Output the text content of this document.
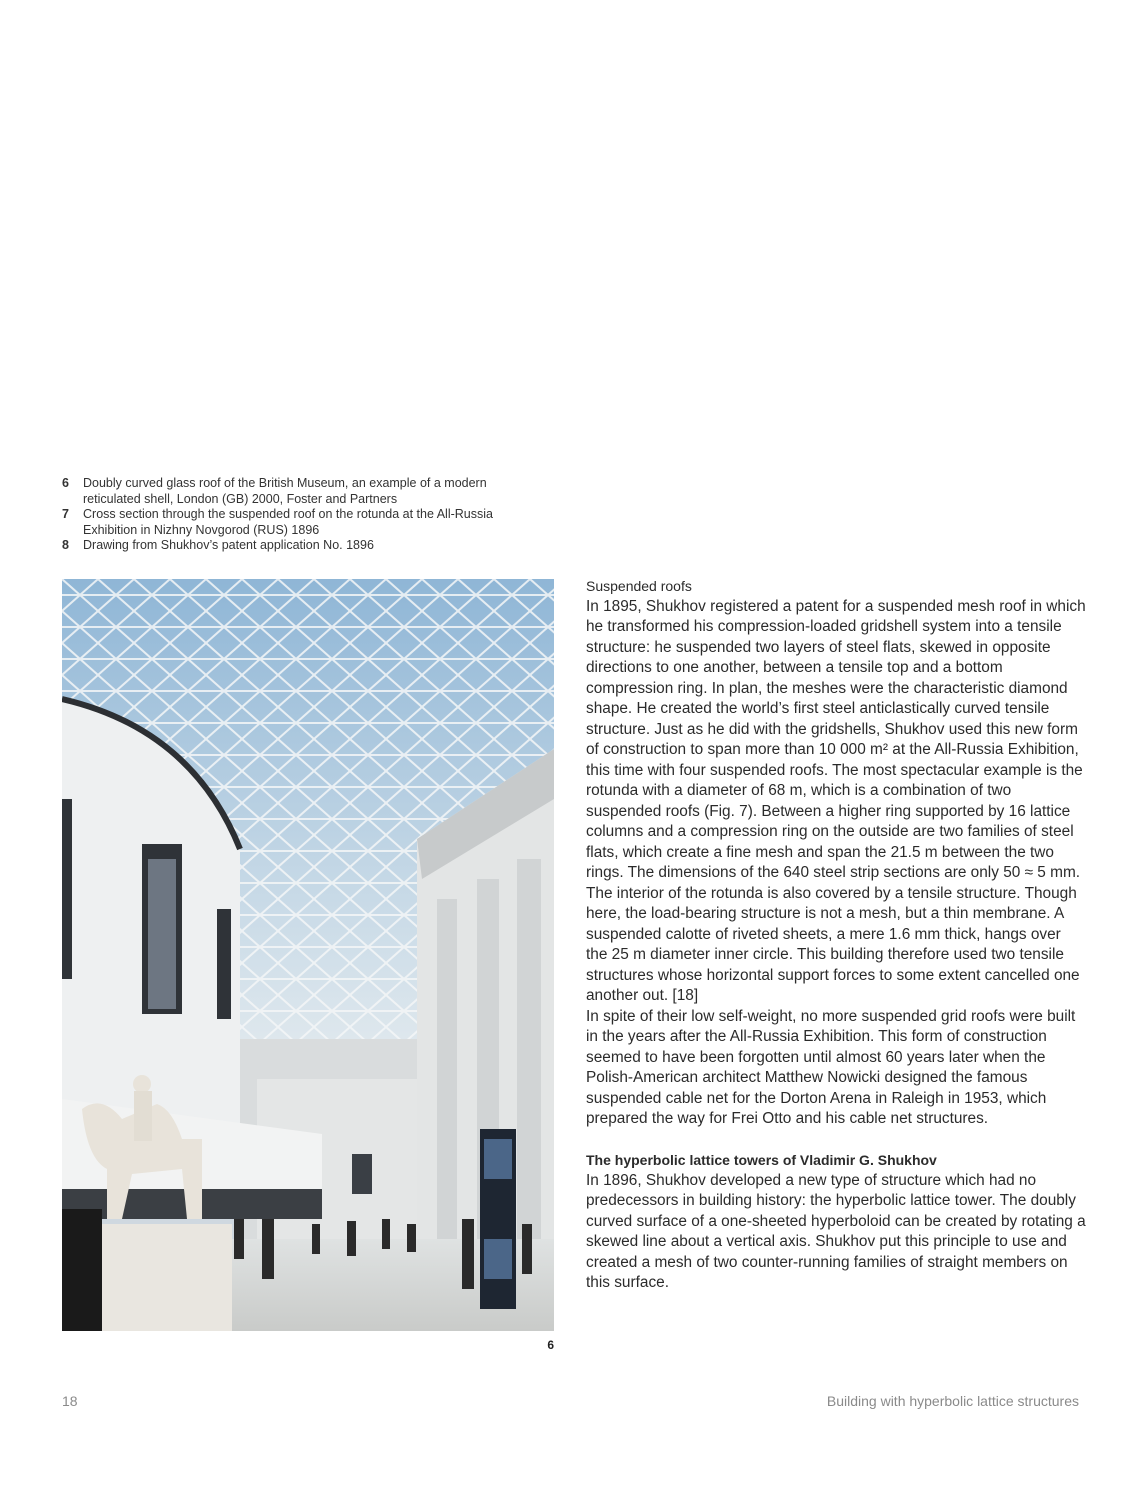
6	Doubly curved glass roof of the British Museum, an example of a modern reticulated shell, London (GB) 2000, Foster and Partners
7	Cross section through the suspended roof on the rotunda at the All-Russia Exhibition in Nizhny Novgorod (RUS) 1896
8	Drawing from Shukhov’s patent application No. 1896
6
Suspended roofs

In 1895, Shukhov registered a patent for a suspended mesh roof in which he transformed his compression-loaded gridshell system into a tensile structure: he suspended two layers of steel flats, skewed in opposite directions to one another, between a tensile top and a bottom compression ring. In plan, the meshes were the characteristic diamond shape. He created the world’s first steel anticlastically curved tensile structure. Just as he did with the gridshells, Shukhov used this new form of construction to span more than 10 000 m² at the All-Russia Exhibition, this time with four suspended roofs. The most spectacular example is the rotunda with a diameter of 68 m, which is a combination of two suspended roofs (Fig. 7). Between a higher ring supported by 16 lattice columns and a compression ring on the outside are two families of steel flats, which create a fine mesh and span the 21.5 m between the two rings. The dimensions of the 640 steel strip sections are only 50 ≈ 5 mm. The interior of the rotunda is also covered by a tensile structure. Though here, the load-bearing structure is not a mesh, but a thin membrane. A suspended calotte of riveted sheets, a mere 1.6 mm thick, hangs over the 25 m diameter inner circle. This building therefore used two tensile structures whose horizontal support forces to some extent cancelled one another out. [18]

In spite of their low self-weight, no more suspended grid roofs were built in the years after the All-Russia Exhibition. This form of construction seemed to have been forgotten until almost 60 years later when the Polish-American architect Matthew Nowicki designed the famous suspended cable net for the Dorton Arena in Raleigh in 1953, which prepared the way for Frei Otto and his cable net structures.

The hyperbolic lattice towers of Vladimir G. Shukhov

In 1896, Shukhov developed a new type of structure which had no predecessors in building history: the hyperbolic lattice tower. The doubly curved surface of a one-sheeted hyperboloid can be created by rotating a skewed line about a vertical axis. Shukhov put this principle to use and created a mesh of two counter-running families of straight members on this surface.

18	Building with hyperbolic lattice structures
